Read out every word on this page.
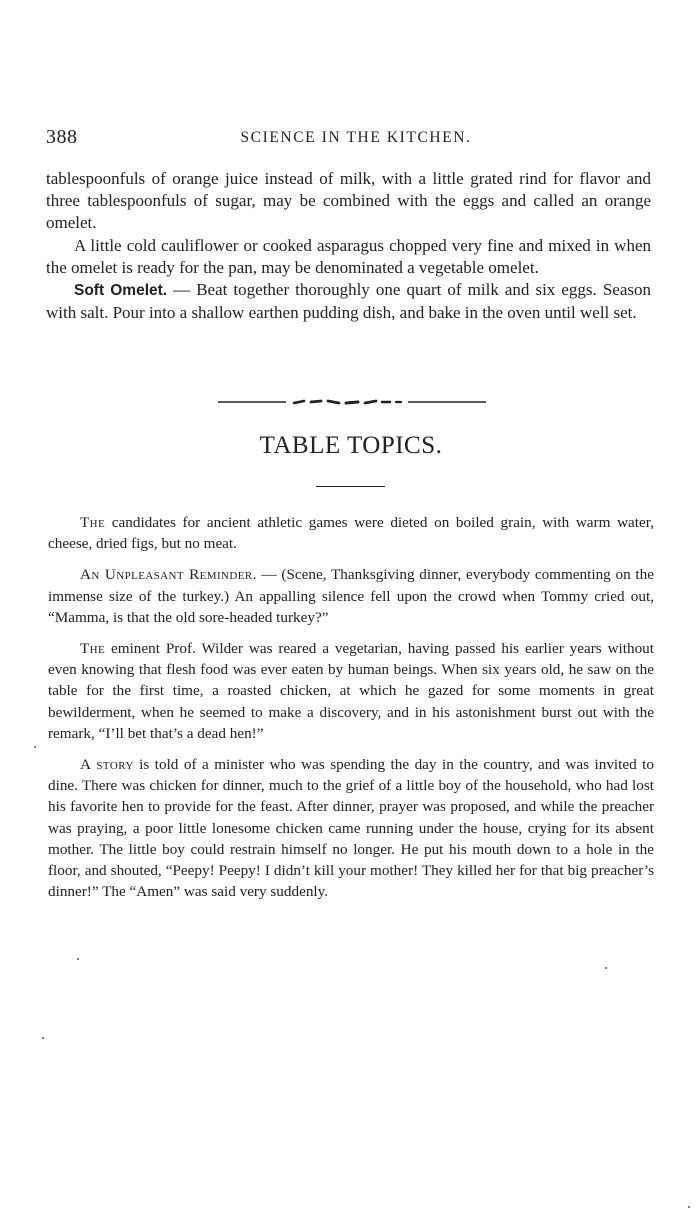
388	SCIENCE IN THE KITCHEN.

tablespoonfuls of orange juice instead of milk, with a little grated rind for flavor and three tablespoonfuls of sugar, may be combined with the eggs and called an orange omelet.

A little cold cauliflower or cooked asparagus chopped very fine and mixed in when the omelet is ready for the pan, may be denominated a vegetable omelet.

Soft Omelet. — Beat together thoroughly one quart of milk and six eggs. Season with salt. Pour into a shallow earthen pudding dish, and bake in the oven until well set.

TABLE TOPICS.

The candidates for ancient athletic games were dieted on boiled grain, with warm water, cheese, dried figs, but no meat.

An Unpleasant Reminder. — (Scene, Thanksgiving dinner, everybody commenting on the immense size of the turkey.) An appalling silence fell upon the crowd when Tommy cried out, “Mamma, is that the old sore-headed turkey?”

The eminent Prof. Wilder was reared a vegetarian, having passed his earlier years without even knowing that flesh food was ever eaten by human beings. When six years old, he saw on the table for the first time, a roasted chicken, at which he gazed for some moments in great bewilderment, when he seemed to make a discovery, and in his astonishment burst out with the remark, “I’ll bet that’s a dead hen!”

A story is told of a minister who was spending the day in the country, and was invited to dine. There was chicken for dinner, much to the grief of a little boy of the household, who had lost his favorite hen to provide for the feast. After dinner, prayer was proposed, and while the preacher was praying, a poor little lonesome chicken came running under the house, crying for its absent mother. The little boy could restrain himself no longer. He put his mouth down to a hole in the floor, and shouted, “Peepy! Peepy! I didn’t kill your mother! They killed her for that big preacher’s dinner!” The “Amen” was said very suddenly.
